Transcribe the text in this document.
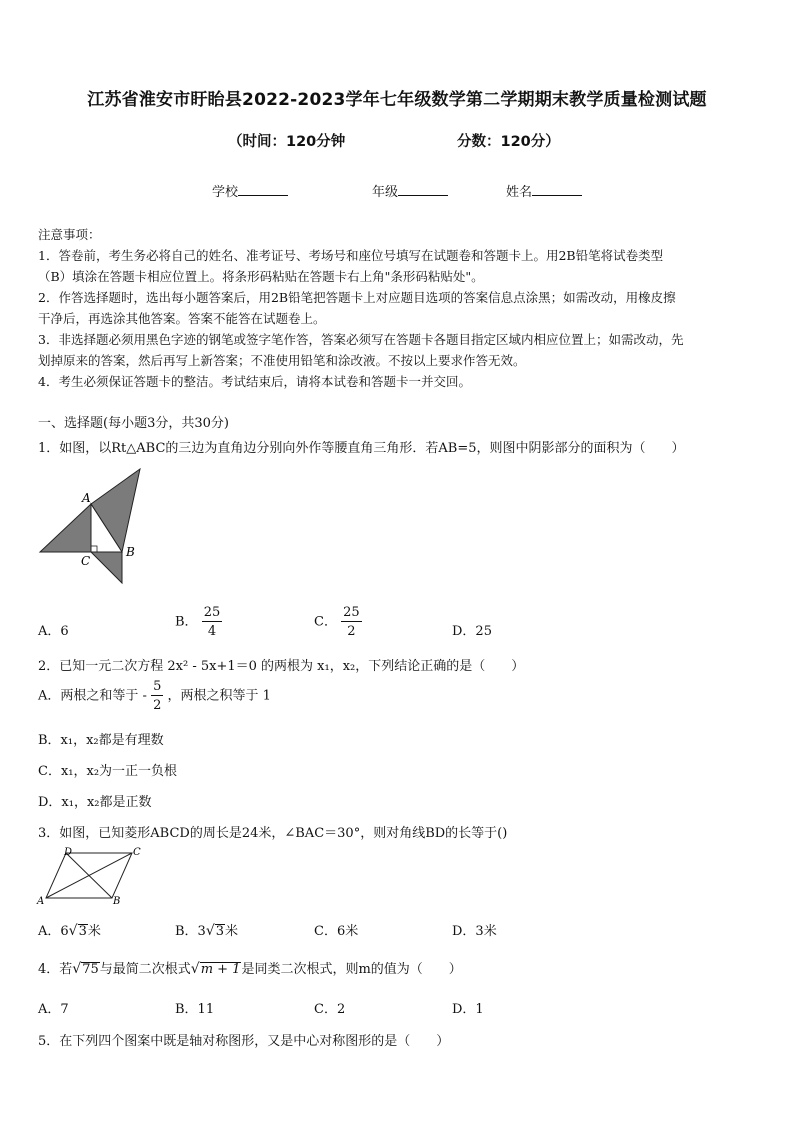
江苏省淮安市盱眙县2022-2023学年七年级数学第二学期期末教学质量检测试题
（时间：120分钟	分数：120分）
学校	年级	姓名

注意事项：

1．答卷前，考生务必将自己的姓名、准考证号、考场号和座位号填写在试题卷和答题卡上。用2B铅笔将试卷类型

（B）填涂在答题卡相应位置上。将条形码粘贴在答题卡右上角"条形码粘贴处"。

2．作答选择题时，选出每小题答案后，用2B铅笔把答题卡上对应题目选项的答案信息点涂黑；如需改动，用橡皮擦

干净后，再选涂其他答案。答案不能答在试题卷上。

3．非选择题必须用黑色字迹的钢笔或签字笔作答，答案必须写在答题卡各题目指定区域内相应位置上；如需改动，先

划掉原来的答案，然后再写上新答案；不准使用铅笔和涂改液。不按以上要求作答无效。

4．考生必须保证答题卡的整洁。考试结束后，请将本试卷和答题卡一并交回。

一、选择题(每小题3分，共30分)
1．如图，以Rt△ABC的三边为直角边分别向外作等腰直角三角形．若AB=5，则图中阴影部分的面积为（　　）
A
B
C
A．6
B． $\frac{25}{4}$	C． $\frac{25}{2}$	D．25
2．已知一元二次方程 2x² - 5x+1＝0 的两根为 x₁，x₂，下列结论正确的是（　　）
A．两根之和等于 - $\frac{5}{2}$ ，两根之积等于 1
B．x₁，x₂都是有理数
C．x₁，x₂为一正一负根
D．x₁，x₂都是正数
3．如图，已知菱形ABCD的周长是24米，∠BAC＝30°，则对角线BD的长等于()
D	C
A	B
A．6√3米	B．3√3米	C．6米	D．3米
4．若√75与最简二次根式√m + 1是同类二次根式，则m的值为（　　）
A．7	B．11	C．2	D．1
5．在下列四个图案中既是轴对称图形，又是中心对称图形的是（　　）
